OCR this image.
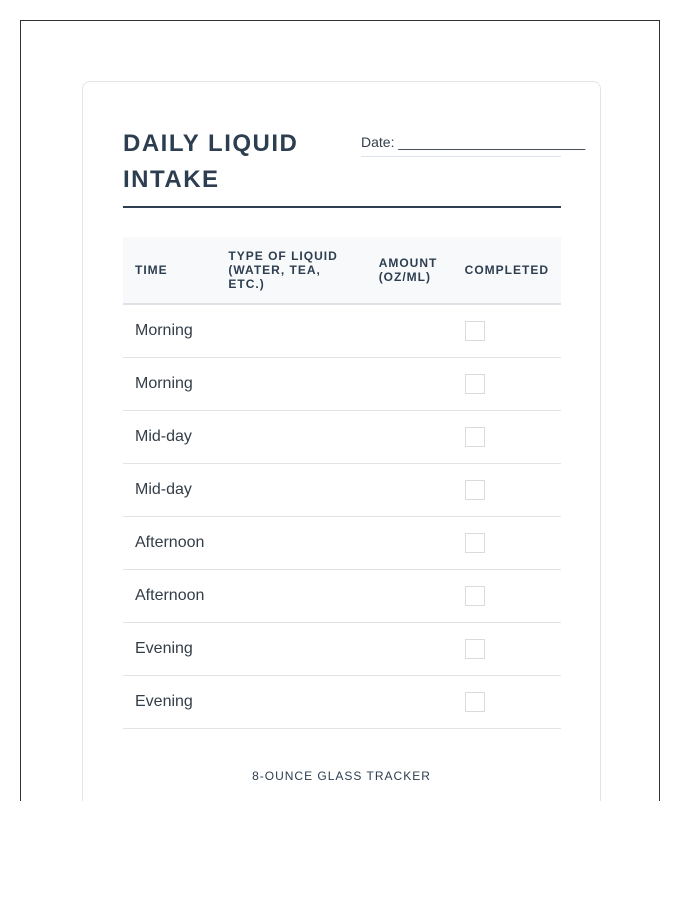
DAILY LIQUID INTAKE
Date: ________________________
TIME	TYPE OF LIQUID (WATER, TEA, ETC.)	AMOUNT (OZ/ML)	COMPLETED
Morning			

Morning			

Mid-day			

Mid-day			

Afternoon			

Afternoon			

Evening			

Evening			
8-OUNCE GLASS TRACKER
